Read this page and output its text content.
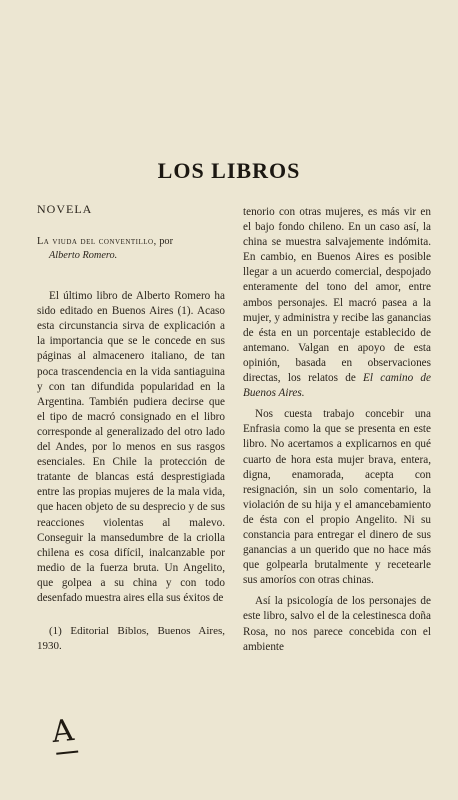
LOS LIBROS

NOVELA

La viuda del conventillo, por
Alberto Romero.

El último libro de Alberto Romero ha sido editado en Buenos Aires (1). Acaso esta circunstancia sirva de explicación a la importancia que se le concede en sus páginas al almacenero italiano, de tan poca trascendencia en la vida santiaguina y con tan difundida popularidad en la Argentina. También pudiera decirse que el tipo de macró consignado en el libro corresponde al generalizado del otro lado del Andes, por lo menos en sus rasgos esenciales. En Chile la protección de tratante de blancas está desprestigiada entre las propias mujeres de la mala vida, que hacen objeto de su desprecio y de sus reacciones violentas al malevo. Conseguir la mansedumbre de la criolla chilena es cosa difícil, inalcanzable por medio de la fuerza bruta. Un Angelito, que golpea a su china y con todo desenfado muestra aires ella sus éxitos de

(1) Editorial Bíblos, Buenos Aires, 1930.

tenorio con otras mujeres, es más vir en el bajo fondo chileno. En un caso así, la china se muestra salvajemente indómita. En cambio, en Buenos Aires es posible llegar a un acuerdo comercial, despojado enteramente del tono del amor, entre ambos personajes. El macró pasea a la mujer, y administra y recibe las ganancias de ésta en un porcentaje establecido de antemano. Valgan en apoyo de esta opinión, basada en observaciones directas, los relatos de El camino de Buenos Aires.

Nos cuesta trabajo concebir una Enfrasia como la que se presenta en este libro. No acertamos a explicarnos en qué cuarto de hora esta mujer brava, entera, digna, enamorada, acepta con resignación, sin un solo comentario, la violación de su hija y el amancebamiento de ésta con el propio Angelito. Ni su constancia para entregar el dinero de sus ganancias a un querido que no hace más que golpearla brutalmente y recetearle sus amoríos con otras chinas.

Así la psicología de los personajes de este libro, salvo el de la celestinesca doña Rosa, no nos parece concebida con el ambiente

A
